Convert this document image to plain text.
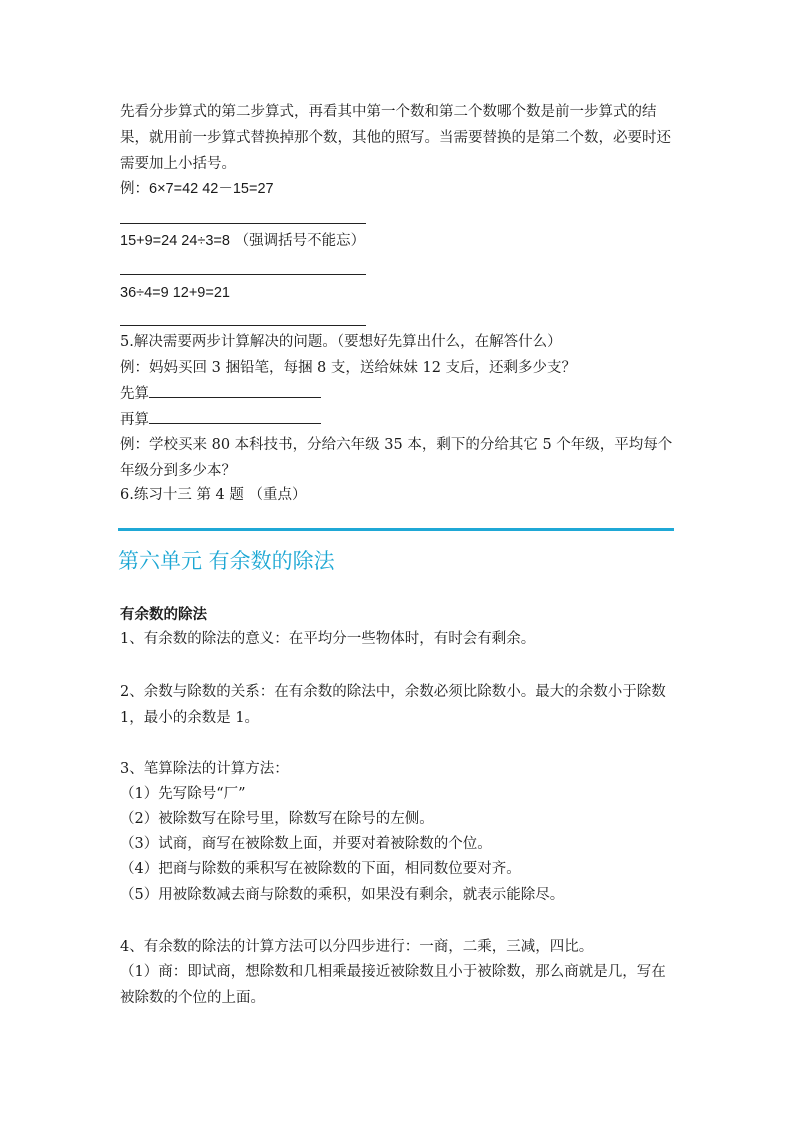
先看分步算式的第二步算式，再看其中第一个数和第二个数哪个数是前一步算式的结果，就用前一步算式替换掉那个数，其他的照写。当需要替换的是第二个数，必要时还需要加上小括号。
例：6×7=42 42－15=27
15+9=24 24÷3=8 （强调括号不能忘）
36÷4=9 12+9=21
5.解决需要两步计算解决的问题。（要想好先算出什么，在解答什么）
例：妈妈买回 3 捆铅笔，每捆 8 支，送给妹妹 12 支后，还剩多少支？
先算
再算
例：学校买来 80 本科技书，分给六年级 35 本，剩下的分给其它 5 个年级，平均每个年级分到多少本？
6.练习十三 第 4 题 （重点）
第六单元 有余数的除法
有余数的除法
1、有余数的除法的意义：在平均分一些物体时，有时会有剩余。
2、余数与除数的关系：在有余数的除法中，余数必须比除数小。最大的余数小于除数 1，最小的余数是 1。
3、笔算除法的计算方法：
（1）先写除号“厂”
（2）被除数写在除号里，除数写在除号的左侧。
（3）试商，商写在被除数上面，并要对着被除数的个位。
（4）把商与除数的乘积写在被除数的下面，相同数位要对齐。
（5）用被除数减去商与除数的乘积，如果没有剩余，就表示能除尽。
4、有余数的除法的计算方法可以分四步进行：一商，二乘，三减，四比。
（1）商：即试商，想除数和几相乘最接近被除数且小于被除数，那么商就是几，写在被除数的个位的上面。
